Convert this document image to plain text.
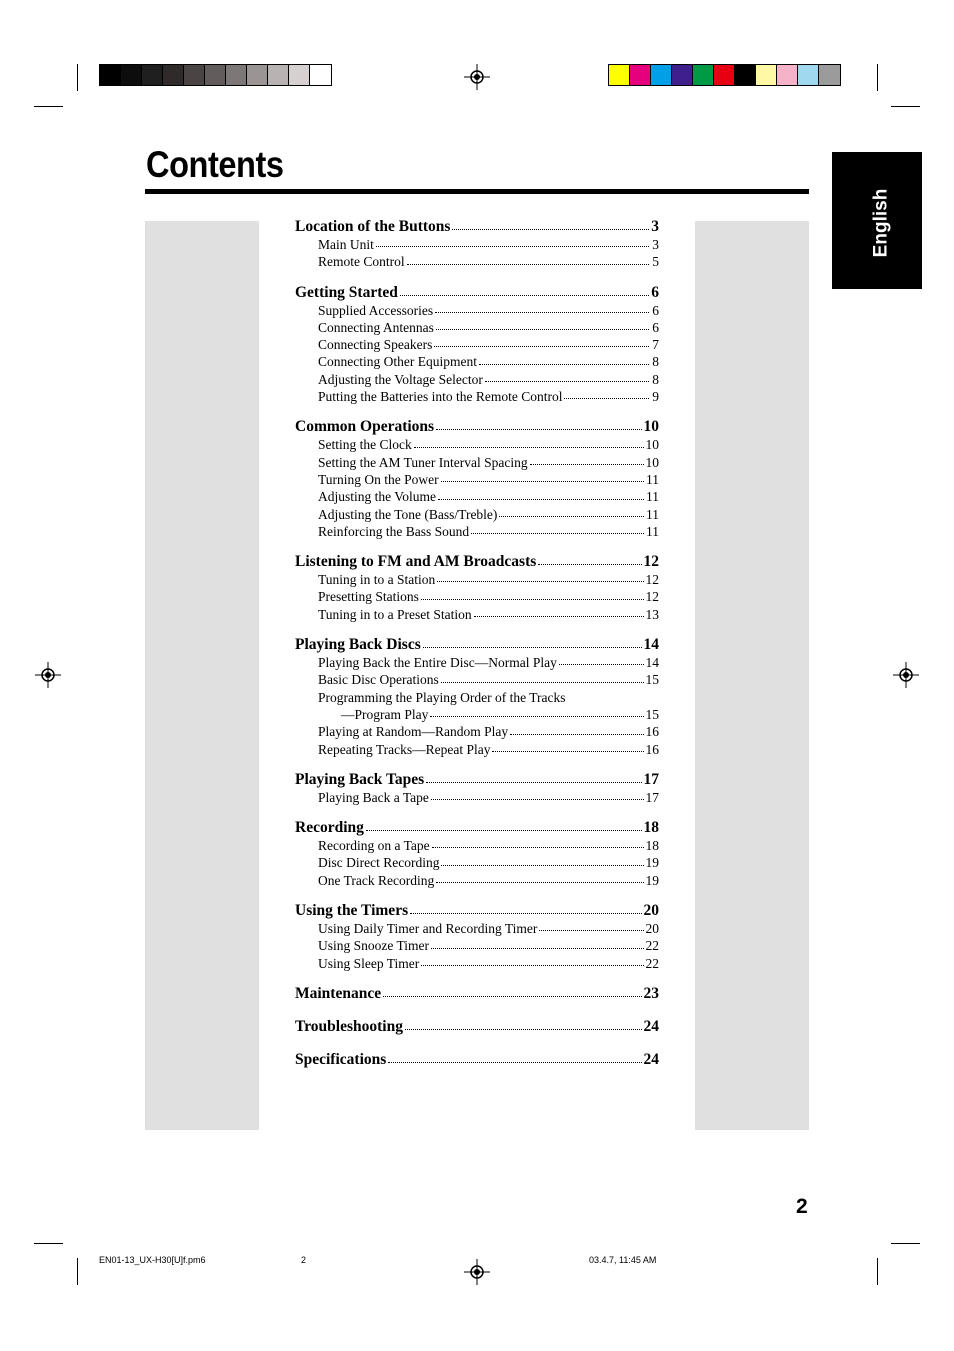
Contents
English
Location of the Buttons	3
Main Unit	3
Remote Control	5
Getting Started	6
Supplied Accessories	6
Connecting Antennas	6
Connecting Speakers	7
Connecting Other Equipment	8
Adjusting the Voltage Selector	8
Putting the Batteries into the Remote Control	9
Common Operations	10
Setting the Clock	10
Setting the AM Tuner Interval Spacing	10
Turning On the Power	11
Adjusting the Volume	11
Adjusting the Tone (Bass/Treble)	11
Reinforcing the Bass Sound	11
Listening to FM and AM Broadcasts	12
Tuning in to a Station	12
Presetting Stations	12
Tuning in to a Preset Station	13
Playing Back Discs	14
Playing Back the Entire Disc—Normal Play	14
Basic Disc Operations	15
Programming the Playing Order of the Tracks
—Program Play	15
Playing at Random—Random Play	16
Repeating Tracks—Repeat Play	16
Playing Back Tapes	17
Playing Back a Tape	17
Recording	18
Recording on a Tape	18
Disc Direct Recording	19
One Track Recording	19
Using the Timers	20
Using Daily Timer and Recording Timer	20
Using Snooze Timer	22
Using Sleep Timer	22
Maintenance	23
Troubleshooting	24
Specifications	24
2
EN01-13_UX-H30[U]f.pm6	2	03.4.7, 11:45 AM
